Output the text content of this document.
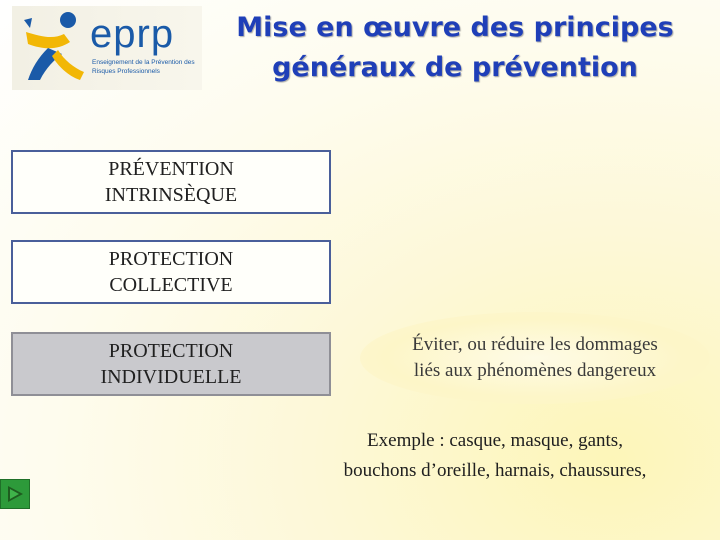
eprp
Enseignement de la Prévention des Risques Professionnels
Mise en œuvre des principes
généraux de prévention
PRÉVENTION
INTRINSÈQUE
PROTECTION
COLLECTIVE
PROTECTION
INDIVIDUELLE
Éviter, ou réduire les dommages
liés aux phénomènes dangereux
Exemple : casque, masque, gants,
bouchons d’oreille, harnais, chaussures,
